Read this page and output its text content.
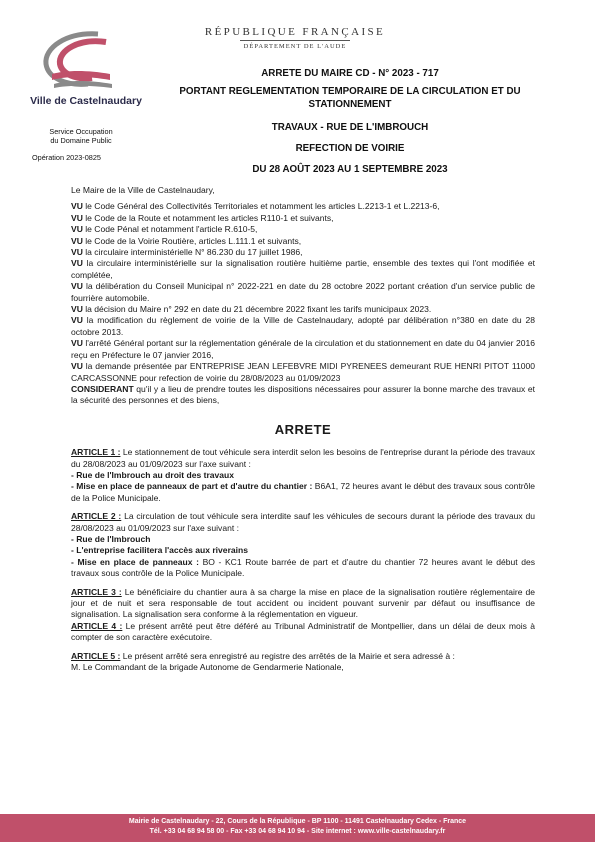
Ville de Castelnaudary
RÉPUBLIQUE FRANÇAISE
DÉPARTEMENT DE L'AUDE
ARRETE DU MAIRE CD - N° 2023 - 717
PORTANT REGLEMENTATION TEMPORAIRE DE LA CIRCULATION ET DU STATIONNEMENT
TRAVAUX - RUE DE L'IMBROUCH
REFECTION DE VOIRIE
DU 28 AOÛT 2023 AU 1 SEPTEMBRE 2023
Service Occupation
du Domaine Public
Opération 2023-0825

Le Maire de la Ville de Castelnaudary,

VU le Code Général des Collectivités Territoriales et notamment les articles L.2213-1 et L.2213-6,

VU le Code de la Route et notamment les articles R110-1 et suivants,

VU le Code Pénal et notamment l'article R.610-5,

VU le Code de la Voirie Routière, articles L.111.1 et suivants,

VU la circulaire interministérielle N° 86.230 du 17 juillet 1986,

VU la circulaire interministérielle sur la signalisation routière huitième partie, ensemble des textes qui l'ont modifiée et complétée,

VU la délibération du Conseil Municipal n° 2022-221 en date du 28 octobre 2022 portant création d'un service public de fourrière automobile.

VU la décision du Maire n° 292 en date du 21 décembre 2022 fixant les tarifs municipaux 2023.

VU la modification du règlement de voirie de la Ville de Castelnaudary, adopté par délibération n°380 en date du 28 octobre 2013.

VU l'arrêté Général portant sur la réglementation générale de la circulation et du stationnement en date du 04 janvier 2016 reçu en Préfecture le 07 janvier 2016,

VU la demande présentée par ENTREPRISE JEAN LEFEBVRE MIDI PYRENEES demeurant RUE HENRI PITOT 11000 CARCASSONNE pour refection de voirie du 28/08/2023 au 01/09/2023

CONSIDERANT qu'il y a lieu de prendre toutes les dispositions nécessaires pour assurer la bonne marche des travaux et la sécurité des personnes et des biens,

ARRETE

ARTICLE 1 : Le stationnement de tout véhicule sera interdit selon les besoins de l'entreprise durant la période des travaux du 28/08/2023 au 01/09/2023 sur l'axe suivant :

- Rue de l'Imbrouch au droit des travaux

- Mise en place de panneaux de part et d'autre du chantier : B6A1, 72 heures avant le début des travaux sous contrôle de la Police Municipale.

ARTICLE 2 : La circulation de tout véhicule sera interdite sauf les véhicules de secours durant la période des travaux du 28/08/2023 au 01/09/2023 sur l'axe suivant :

- Rue de l'Imbrouch

- L'entreprise facilitera l'accès aux riverains

- Mise en place de panneaux : BO - KC1 Route barrée de part et d'autre du chantier 72 heures avant le début des travaux sous contrôle de la Police Municipale.

ARTICLE 3 : Le bénéficiaire du chantier aura à sa charge la mise en place de la signalisation routière réglementaire de jour et de nuit et sera responsable de tout accident ou incident pouvant survenir par défaut ou insuffisance de signalisation. La signalisation sera conforme à la réglementation en vigueur.

ARTICLE 4 : Le présent arrêté peut être déféré au Tribunal Administratif de Montpellier, dans un délai de deux mois à compter de son caractère exécutoire.

ARTICLE 5 : Le présent arrêté sera enregistré au registre des arrêtés de la Mairie et sera adressé à :

M. Le Commandant de la brigade Autonome de Gendarmerie Nationale,

Mairie de Castelnaudary - 22, Cours de la République - BP 1100 - 11491 Castelnaudary Cedex - France
Tél. +33 04 68 94 58 00 - Fax +33 04 68 94 10 94 - Site internet : www.ville-castelnaudary.fr
